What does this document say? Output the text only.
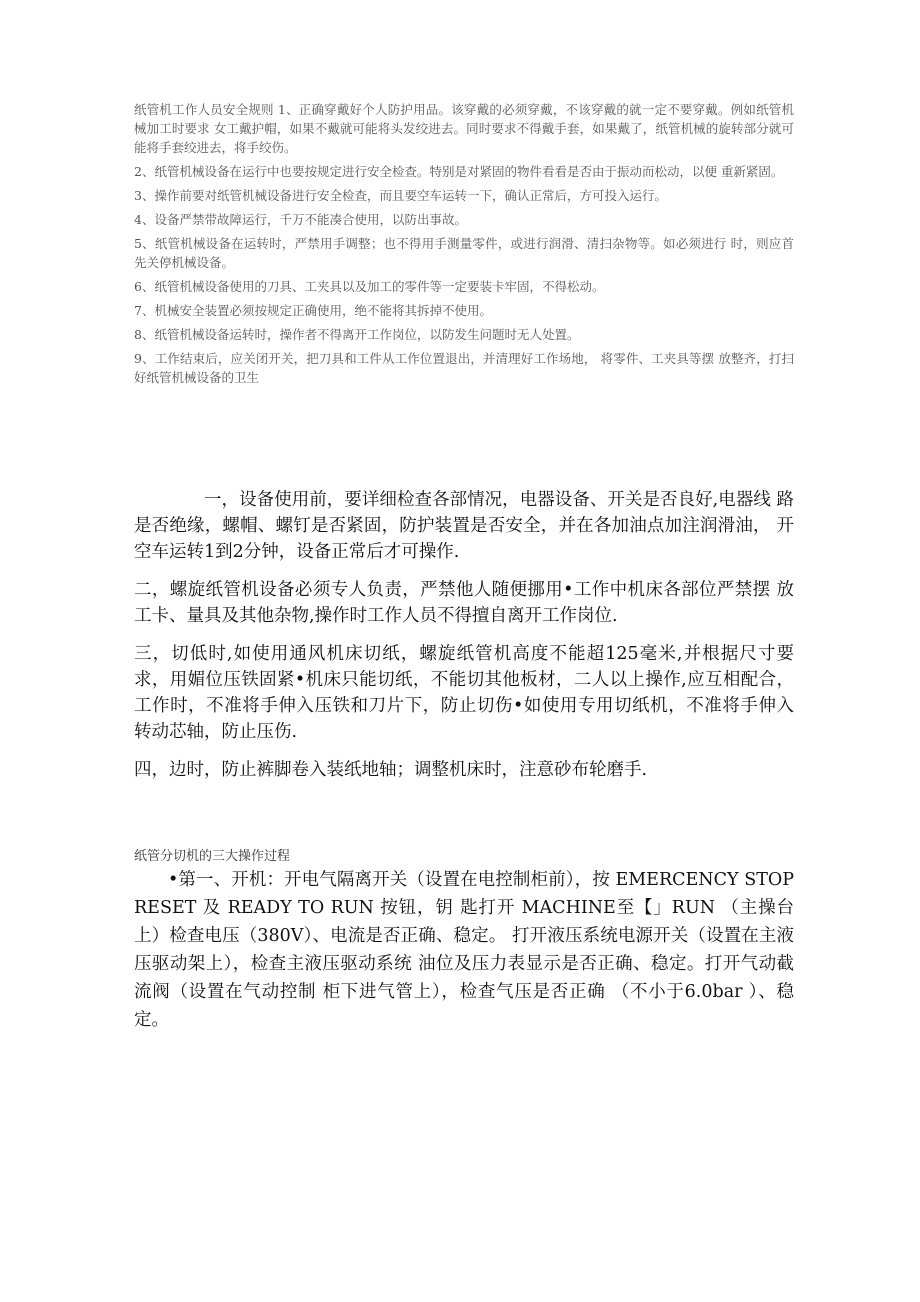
纸管机工作人员安全规则 1、正确穿戴好个人防护用品。该穿戴的必须穿戴，不该穿戴的就一定不要穿戴。例如纸管机械加工时要求 女工戴护帽，如果不戴就可能将头发绞进去。同时要求不得戴手套，如果戴了，纸管机械的旋转部分就可 能将手套绞进去，将手绞伤。

2、纸管机械设备在运行中也要按规定进行安全检查。特别是对紧固的物件看看是否由于振动而松动，以便 重新紧固。

3、操作前要对纸管机械设备进行安全检查，而且要空车运转一下，确认正常后，方可投入运行。

4、设备严禁带故障运行，千万不能凑合使用，以防出事故。

5、纸管机械设备在运转时，严禁用手调整；也不得用手测量零件，或进行润滑、清扫杂物等。如必须进行 时，则应首先关停机械设备。

6、纸管机械设备使用的刀具、工夹具以及加工的零件等一定要装卡牢固，不得松动。

7、机械安全装置必须按规定正确使用，绝不能将其拆掉不使用。

8、纸管机械设备运转时，操作者不得离开工作岗位，以防发生问题时无人处置。

9、工作结束后，应关闭开关，把刀具和工件从工作位置退出，并清理好工作场地， 将零件、工夹具等摆 放整齐，打扫好纸管机械设备的卫生

一，设备使用前，要详细检查各部情况，电器设备、开关是否良好,电器线 路是否绝缘，螺帽、螺钉是否紧固，防护装置是否安全，并在各加油点加注润滑油， 开空车运转1到2分钟，设备正常后才可操作.

二，螺旋纸管机设备必须专人负责，严禁他人随便挪用•工作中机床各部位严禁摆 放工卡、量具及其他杂物,操作时工作人员不得擅自离开工作岗位.

三，切低时,如使用通风机床切纸，螺旋纸管机高度不能超125毫米,并根据尺寸要 求，用媚位压铁固紧•机床只能切纸，不能切其他板材，二人以上操作,应互相配合， 工作时，不准将手伸入压铁和刀片下，防止切伤•如使用专用切纸机，不准将手伸入 转动芯轴，防止压伤.

四，边时，防止裤脚卷入装纸地轴；调整机床时，注意砂布轮磨手.

纸管分切机的三大操作过程

•第一、开机：开电气隔离开关（设置在电控制柜前），按 EMERCENCY STOP RESET 及 READY TO RUN 按钮，钥 匙打开 MACHINE至【」RUN （主操台上）检查电压（380V）、电流是否正确、稳定。 打开液压系统电源开关（设置在主液压驱动架上），检查主液压驱动系统 油位及压力表显示是否正确、稳定。打开气动截流阀（设置在气动控制 柜下进气管上），检查气压是否正确 （不小于6.0bar ）、稳定。
